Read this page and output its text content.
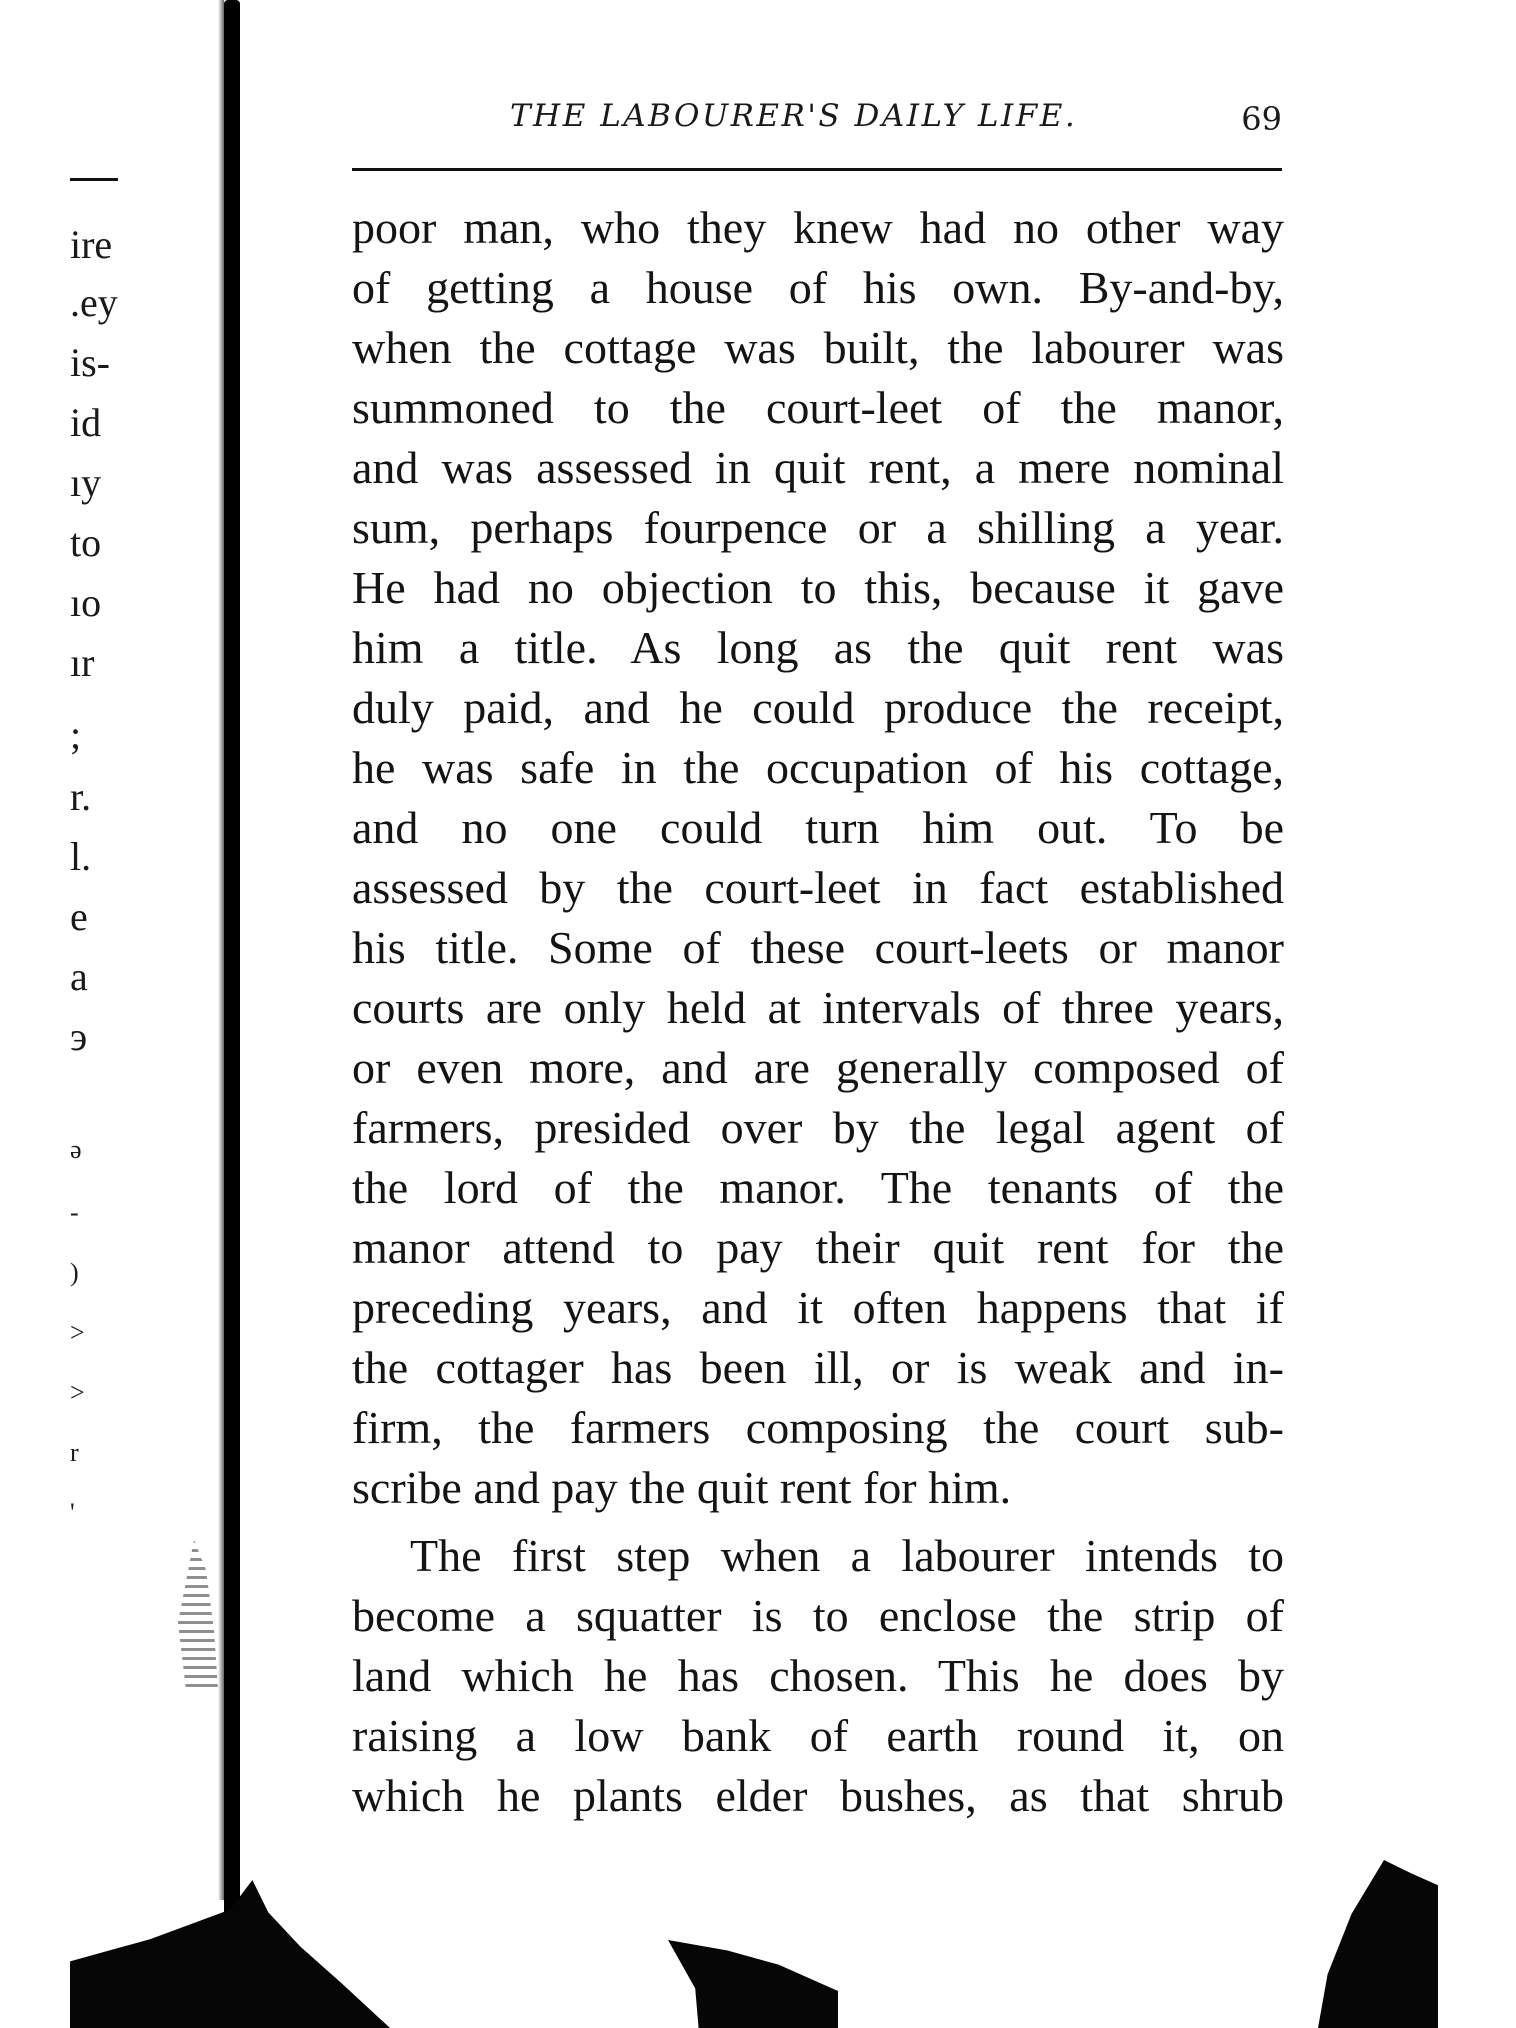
ire
.ey
is-
id
ıy
to
ıo
ır
;
r.
l.
e
a
э
ə
-
)
>
>
r
'
THE LABOURER'S DAILY LIFE.	69
poor man, who they knew had no other way
of getting a house of his own. By-and-by,
when the cottage was built, the labourer was
summoned to the court-leet of the manor,
and was assessed in quit rent, a mere nominal
sum, perhaps fourpence or a shilling a year.
He had no objection to this, because it gave
him a title. As long as the quit rent was
duly paid, and he could produce the receipt,
he was safe in the occupation of his cottage,
and no one could turn him out. To be
assessed by the court-leet in fact established
his title. Some of these court-leets or manor
courts are only held at intervals of three years,
or even more, and are generally composed of
farmers, presided over by the legal agent of
the lord of the manor. The tenants of the
manor attend to pay their quit rent for the
preceding years, and it often happens that if
the cottager has been ill, or is weak and in-
firm, the farmers composing the court sub-
scribe and pay the quit rent for him.
The first step when a labourer intends to
become a squatter is to enclose the strip of
land which he has chosen. This he does by
raising a low bank of earth round it, on
which he plants elder bushes, as that shrub
